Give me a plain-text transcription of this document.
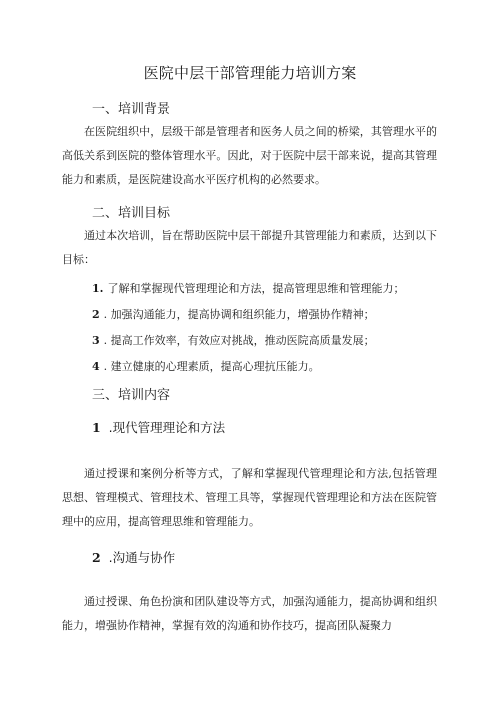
医院中层干部管理能力培训方案
一、培训背景
在医院组织中，层级干部是管理者和医务人员之间的桥梁，其管理水平的高低关系到医院的整体管理水平。因此，对于医院中层干部来说，提高其管理能力和素质，是医院建设高水平医疗机构的必然要求。
二、培训目标
通过本次培训，旨在帮助医院中层干部提升其管理能力和素质，达到以下目标：
1. 了解和掌握现代管理理论和方法，提高管理思维和管理能力；
2 . 加强沟通能力，提高协调和组织能力，增强协作精神；
3 . 提高工作效率，有效应对挑战，推动医院高质量发展；
4 . 建立健康的心理素质，提高心理抗压能力。
三、培训内容
1 .现代管理理论和方法
通过授课和案例分析等方式，了解和掌握现代管理理论和方法,包括管理思想、管理模式、管理技术、管理工具等，掌握现代管理理论和方法在医院管理中的应用，提高管理思维和管理能力。
2 .沟通与协作
通过授课、角色扮演和团队建设等方式，加强沟通能力，提高协调和组织能力，增强协作精神，掌握有效的沟通和协作技巧，提高团队凝聚力
